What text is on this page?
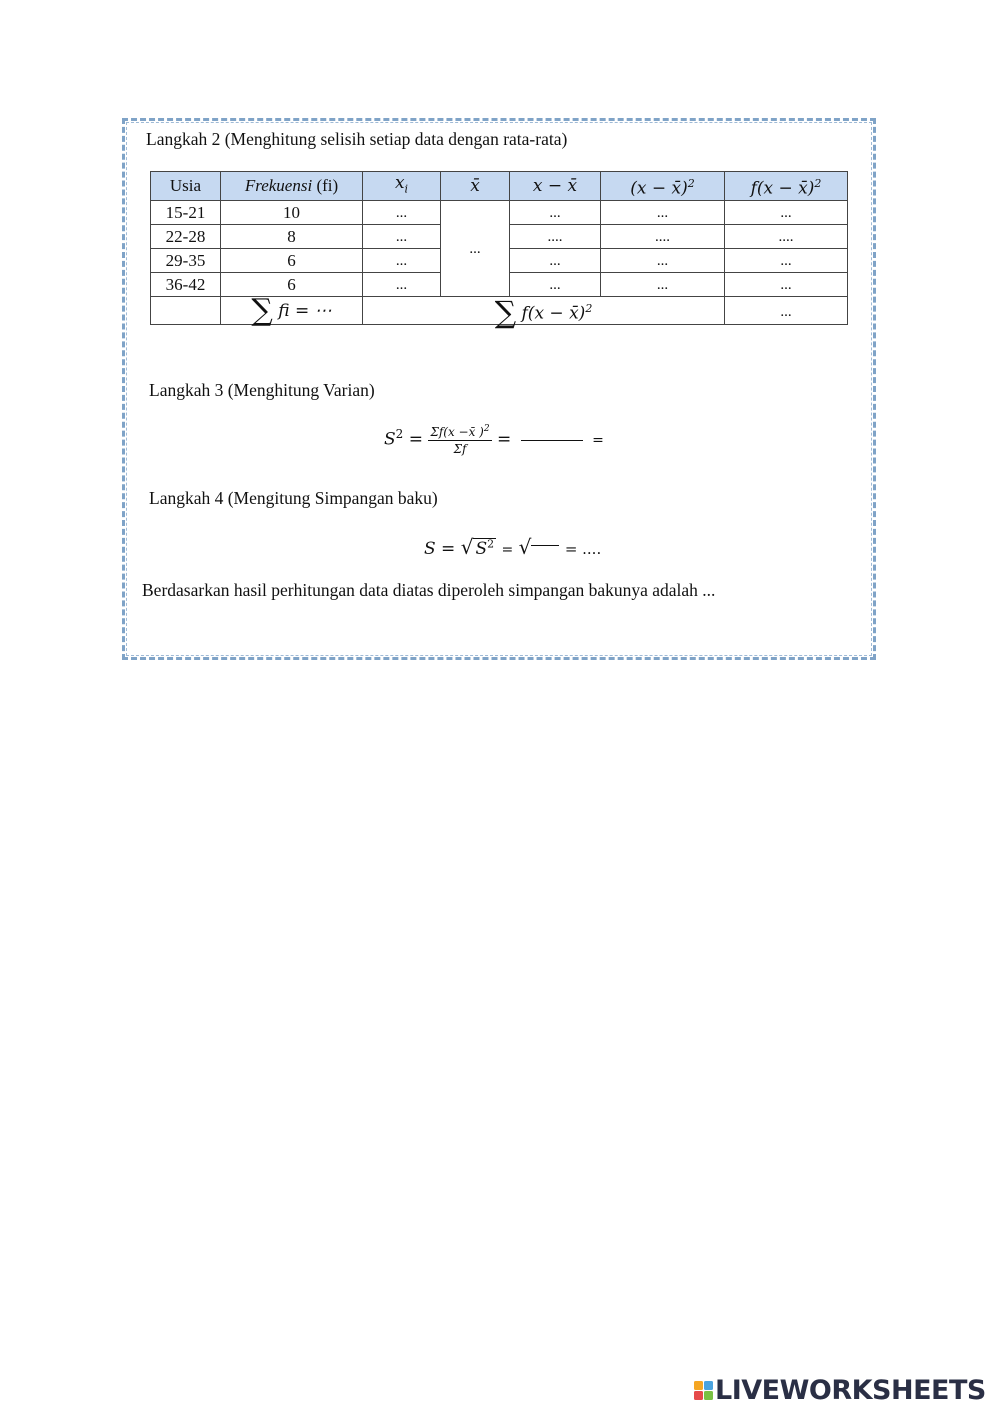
Langkah 2 (Menghitung selisih setiap data dengan rata-rata)
Usia	Frekuensi (fi)	$x_i$	x̄	x − x̄	(x − x̄)$^2$	f(x − x̄)$^2$
15-21	10	...	...	...	...	...
22-28	8	...		....	....	....
29-35	6	...		...	...	...
36-42	6	...		...	...	...
	∑ fi = ⋯	∑ f(x − x̄)$^2$				...
Langkah 3 (Menghitung Varian)
$S^2 = \frac{\Sigma f(x -x̄ )^2}{\Sigma f}$ =	=
Langkah 4 (Mengitung Simpangan baku)
S = √ $S^2$ = √ = ....
Berdasarkan hasil perhitungan data diatas diperoleh simpangan bakunya adalah ...
LIVEWORKSHEETS
